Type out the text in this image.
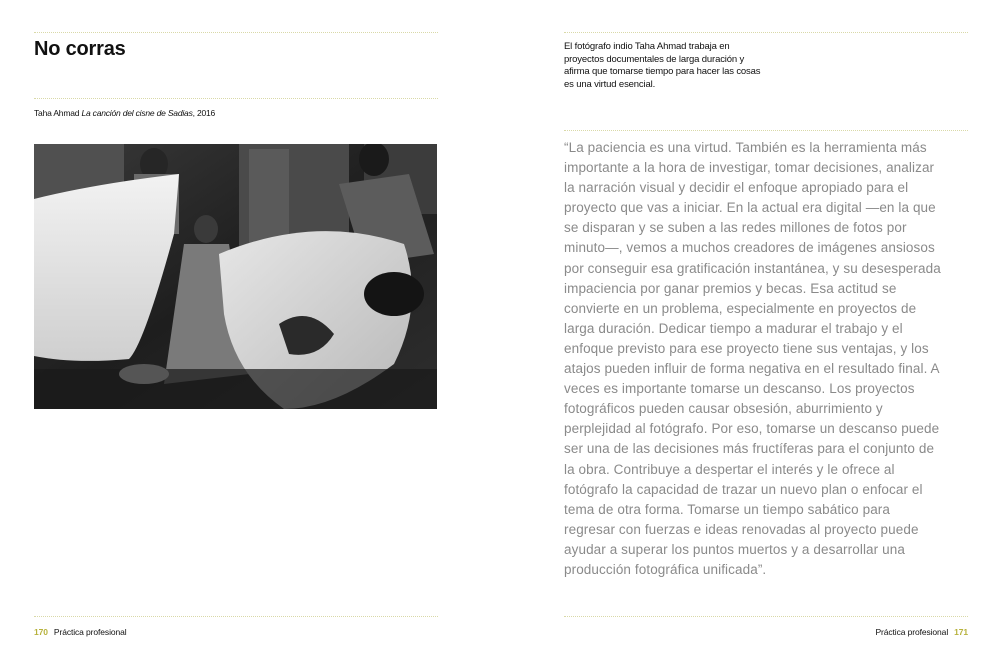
No corras
Taha Ahmad La canción del cisne de Sadias, 2016
170 Práctica profesional
El fotógrafo indio Taha Ahmad trabaja en proyectos documentales de larga duración y afirma que tomarse tiempo para hacer las cosas es una virtud esencial.
“La paciencia es una virtud. También es la herramienta más importante a la hora de investigar, tomar decisiones, analizar la narración visual y decidir el enfoque apropiado para el proyecto que vas a iniciar. En la actual era digital —en la que se disparan y se suben a las redes millones de fotos por minuto—, vemos a muchos creadores de imágenes ansiosos por conseguir esa gratificación instantánea, y su desesperada impaciencia por ganar premios y becas. Esa actitud se convierte en un problema, especialmente en proyectos de larga duración. Dedicar tiempo a madurar el trabajo y el enfoque previsto para ese proyecto tiene sus ventajas, y los atajos pueden influir de forma negativa en el resultado final. A veces es importante tomarse un descanso. Los proyectos fotográficos pueden causar obsesión, aburrimiento y perplejidad al fotógrafo. Por eso, tomarse un descanso puede ser una de las decisiones más fructíferas para el conjunto de la obra. Contribuye a despertar el interés y le ofrece al fotógrafo la capacidad de trazar un nuevo plan o enfocar el tema de otra forma. Tomarse un tiempo sabático para regresar con fuerzas e ideas renovadas al proyecto puede ayudar a superar los puntos muertos y a desarrollar una producción fotográfica unificada”.
Práctica profesional 171
